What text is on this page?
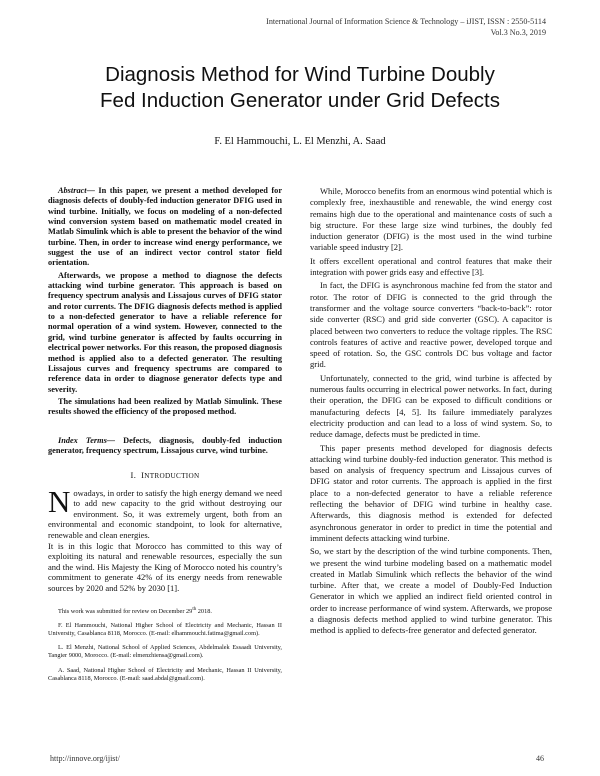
International Journal of Information Science & Technology – iJIST, ISSN : 2550-5114
Vol.3 No.3, 2019
Diagnosis Method for Wind Turbine Doubly
Fed Induction Generator under Grid Defects
F. El Hammouchi, L. El Menzhi, A. Saad

Abstract— In this paper, we present a method developed for diagnosis defects of doubly-fed induction generator DFIG used in wind turbine. Initially, we focus on modeling of a non-defected wind conversion system based on mathematic model created in Matlab Simulink which is able to present the behavior of the wind turbine. Then, in order to increase wind energy performance, we suggest the use of an indirect vector control stator field orientation.

Afterwards, we propose a method to diagnose the defects attacking wind turbine generator. This approach is based on frequency spectrum analysis and Lissajous curves of DFIG stator and rotor currents. The DFIG diagnosis defects method is applied to a non-defected generator to have a reliable reference for normal operation of a wind system. However, connected to the grid, wind turbine generator is affected by faults occurring in electrical power networks. For this reason, the proposed diagnosis method is applied also to a defected generator. The resulting Lissajous curves and frequency spectrums are compared to reference data in order to diagnose generator defects type and severity.

The simulations had been realized by Matlab Simulink. These results showed the efficiency of the proposed method.

Index Terms— Defects, diagnosis, doubly-fed induction generator, frequency spectrum, Lissajous curve, wind turbine.

I. INTRODUCTION

Nowadays, in order to satisfy the high energy demand we need to add new capacity to the grid without destroying our environment. So, it was extremely urgent, both from an environmental and economic standpoint, to look for alternative, renewable and clean energies.

It is in this logic that Morocco has committed to this way of exploiting its natural and renewable resources, especially the sun and the wind. His Majesty the King of Morocco noted his country’s commitment to generate 42% of its energy needs from renewable sources by 2020 and 52% by 2030 [1].

This work was submitted for review on December 29th 2018.

F. El Hammouchi, National Higher School of Electricity and Mechanic, Hassan II University, Casablanca 8118, Morocco. (E-mail: elhammouchi.fatima@gmail.com).

L. El Menzhi, National School of Applied Sciences, Abdelmalek Essaadi University, Tangier 9000, Morocco. (E-mail: elmenzhiensa@gmail.com).

A. Saad, National Higher School of Electricity and Mechanic, Hassan II University, Casablanca 8118, Morocco. (E-mail: saad.abdal@gmail.com).

While, Morocco benefits from an enormous wind potential which is complexly free, inexhaustible and renewable, the wind energy cost remains high due to the operational and maintenance costs of such a big structure. For these large size wind turbines, the doubly fed induction generator (DFIG) is the most used in the wind turbine variable speed industry [2].

It offers excellent operational and control features that make their integration with power grids easy and effective [3].

In fact, the DFIG is asynchronous machine fed from the stator and rotor. The rotor of DFIG is connected to the grid through the transformer and the voltage source converters “back-to-back”: rotor side converter (RSC) and grid side converter (GSC). A capacitor is placed between two converters to reduce the voltage ripples. The RSC controls features of active and reactive power, developed torque and speed of rotation. So, the GSC controls DC bus voltage and factor grid.

Unfortunately, connected to the grid, wind turbine is affected by numerous faults occurring in electrical power networks. In fact, during their operation, the DFIG can be exposed to difficult conditions or manufacturing defects [4, 5]. Its failure immediately paralyzes electricity production and can lead to a loss of wind system. So, to reduce damage, defects must be predicted in time.

This paper presents method developed for diagnosis defects attacking wind turbine doubly-fed induction generator. This method is based on analysis of frequency spectrum and Lissajous curves of DFIG stator and rotor currents. The approach is applied in the first place to a non-defected generator to have a reliable reference reflecting the behavior of DFIG wind turbine in healthy case. Afterwards, this diagnosis method is extended for defected asynchronous generator in order to predict in time the potential and imminent defects attacking wind turbine.

So, we start by the description of the wind turbine components. Then, we present the wind turbine modeling based on a mathematic model created in Matlab Simulink which reflects the behavior of the wind turbine. After that, we create a model of Doubly-Fed Induction Generator in which we applied an indirect field oriented control in order to increase performance of wind system. Afterwards, we propose a diagnosis defects method applied to wind turbine generator. This method is applied to defects-free generator and defected generator.

http://innove.org/ijist/	46
